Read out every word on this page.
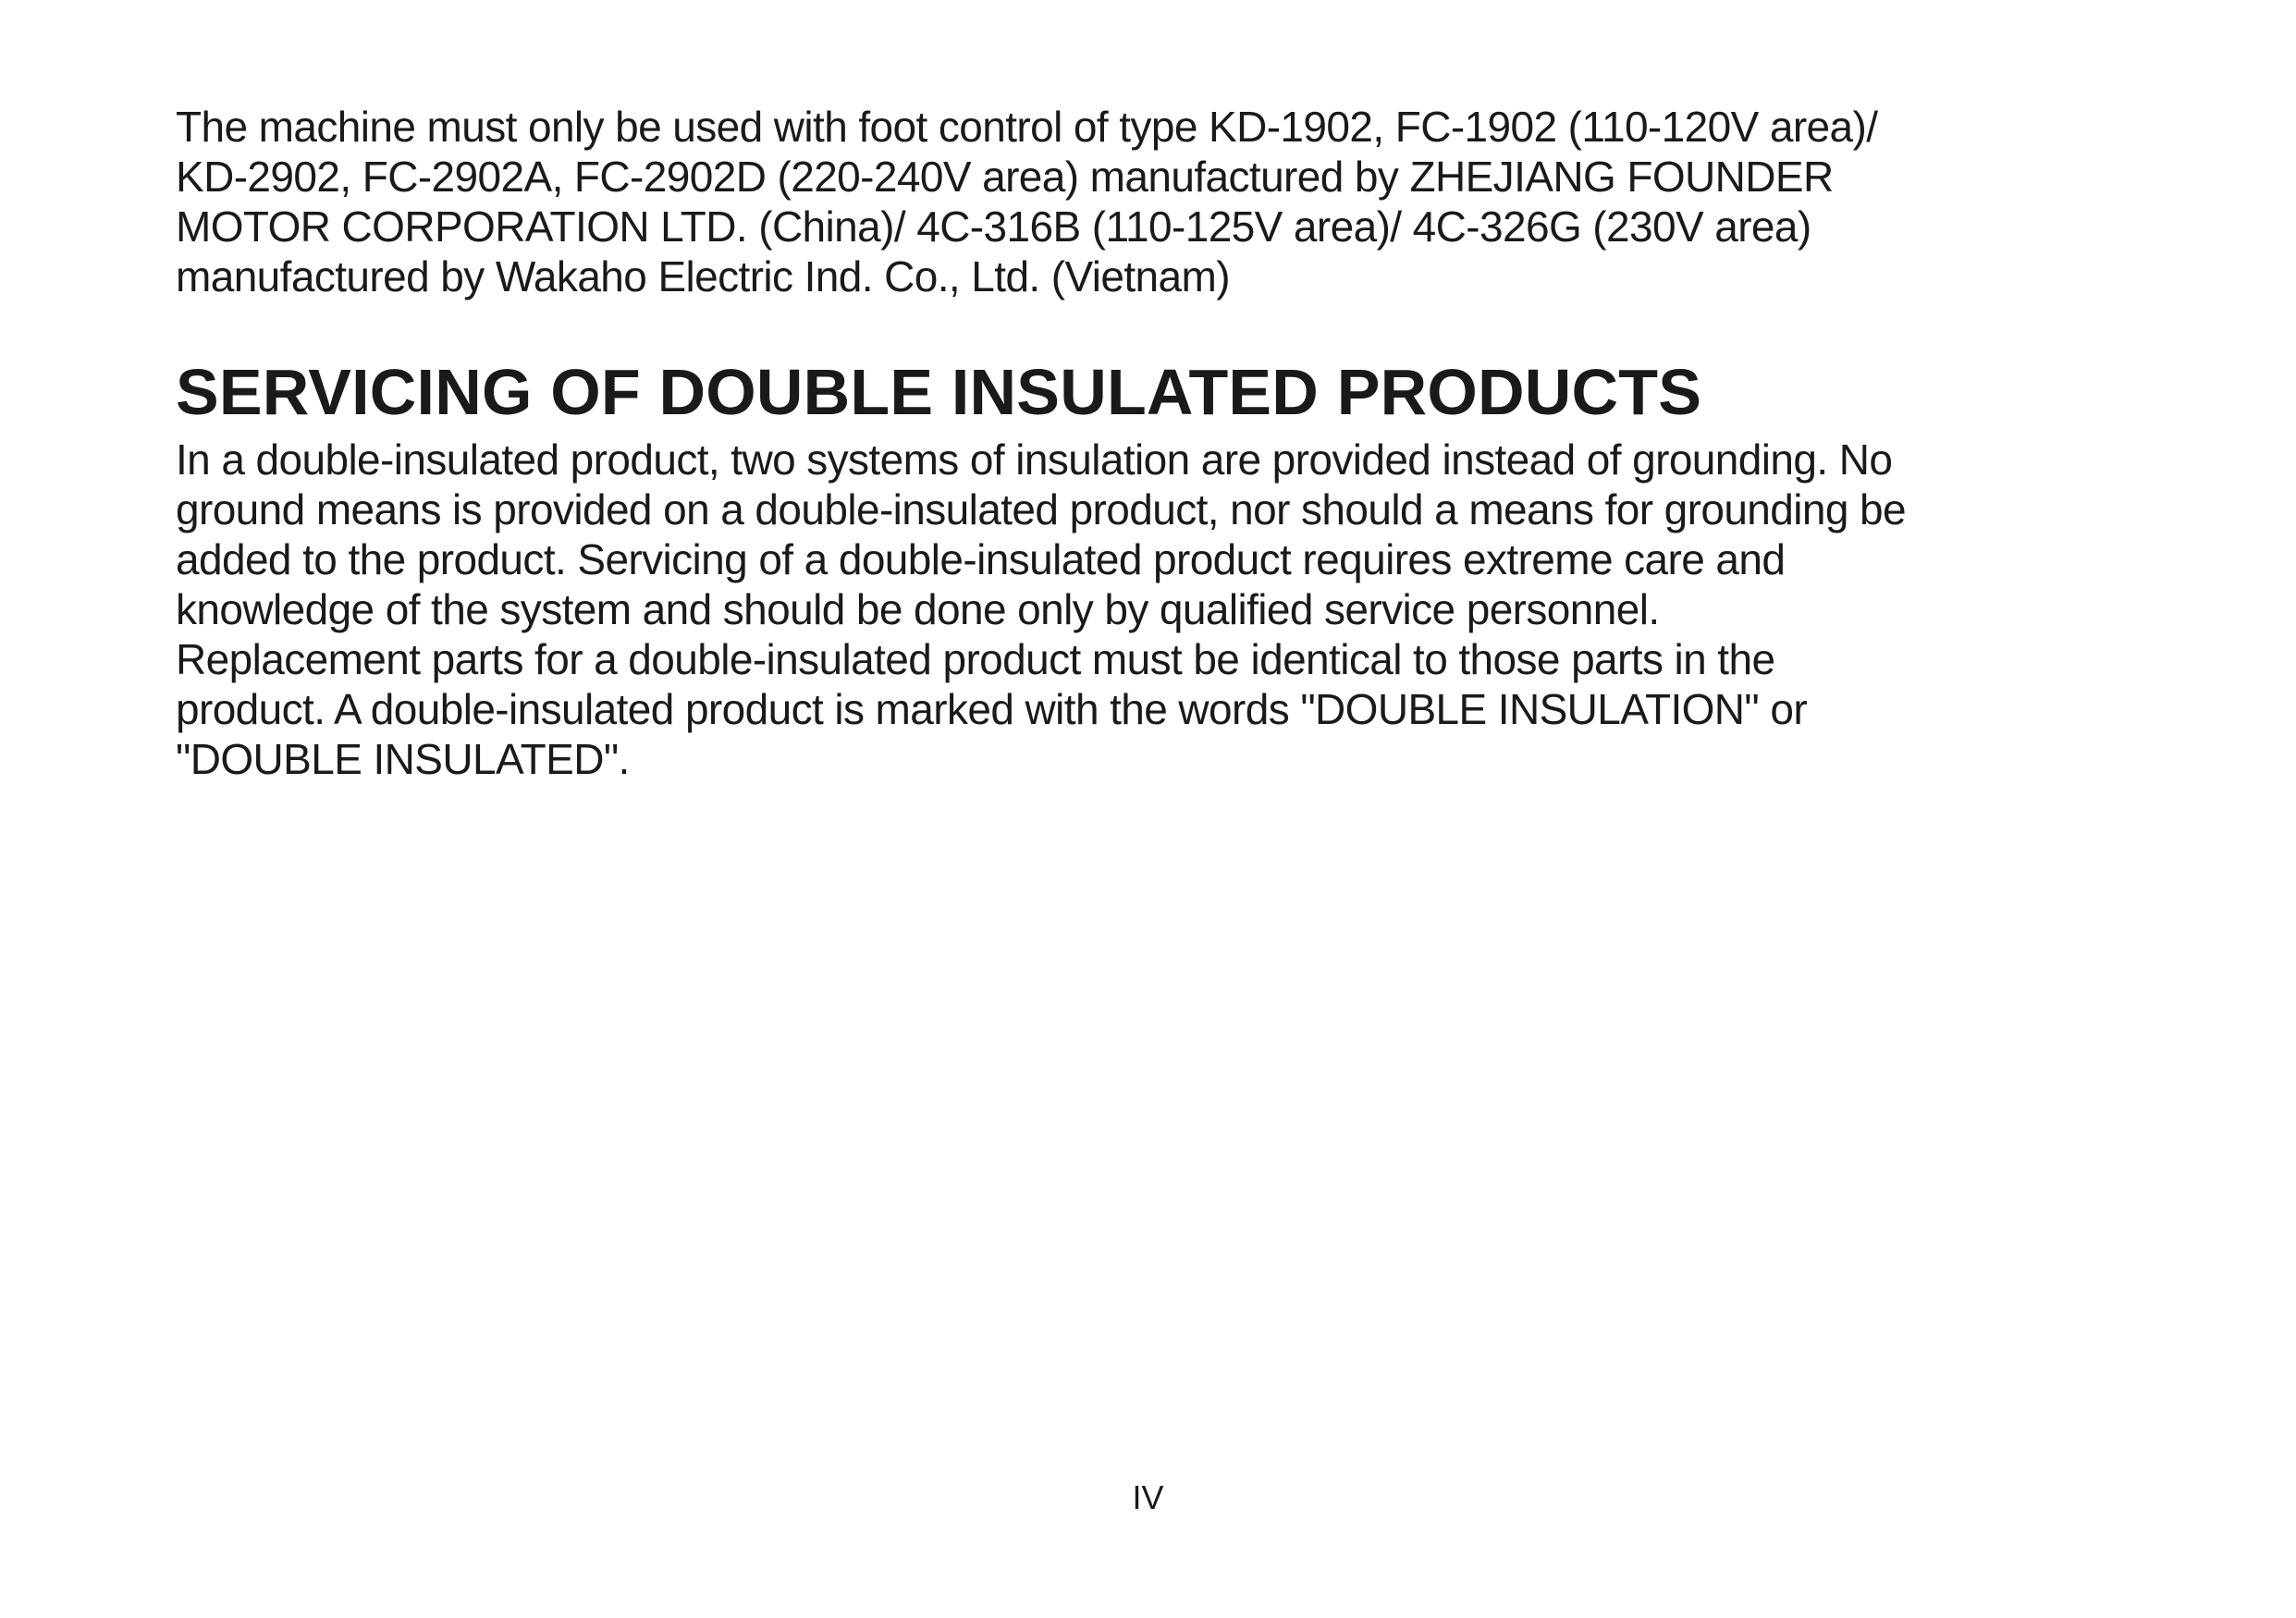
The machine must only be used with foot control of type KD-1902, FC-1902 (110-120V area)/
KD-2902, FC-2902A, FC-2902D (220-240V area) manufactured by ZHEJIANG FOUNDER
MOTOR CORPORATION LTD. (China)/ 4C-316B (110-125V area)/ 4C-326G (230V area)
manufactured by Wakaho Electric Ind. Co., Ltd. (Vietnam)

SERVICING OF DOUBLE INSULATED PRODUCTS

In a double-insulated product, two systems of insulation are provided instead of grounding. No
ground means is provided on a double-insulated product, nor should a means for grounding be
added to the product. Servicing of a double-insulated product requires extreme care and
knowledge of the system and should be done only by qualified service personnel.
Replacement parts for a double-insulated product must be identical to those parts in the
product. A double-insulated product is marked with the words "DOUBLE INSULATION" or
"DOUBLE INSULATED".

IV
